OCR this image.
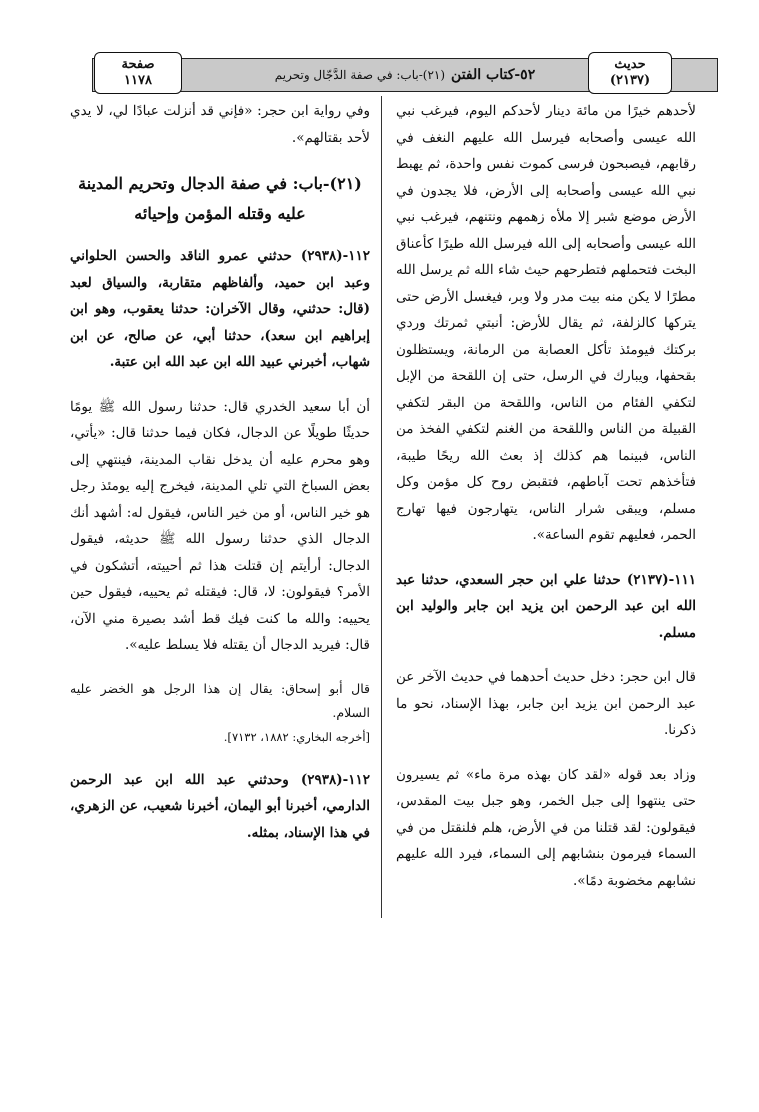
٥٢-كتاب الفتن
(٢١)-باب: في صفة الدَّجّال وتحريم
حديث
(٢١٣٧)
صفحة
١١٧٨

لأحدهم خيرًا من مائة دينار لأحدكم اليوم، فيرغب نبي الله عيسى وأصحابه فيرسل الله عليهم النغف في رقابهم، فيصبحون فرسى كموت نفس واحدة، ثم يهبط نبي الله عيسى وأصحابه إلى الأرض، فلا يجدون في الأرض موضع شبر إلا ملأه زهمهم ونتنهم، فيرغب نبي الله عيسى وأصحابه إلى الله فيرسل الله طيرًا كأعناق البخت فتحملهم فتطرحهم حيث شاء الله ثم يرسل الله مطرًا لا يكن منه بيت مدر ولا وبر، فيغسل الأرض حتى يتركها كالزلفة، ثم يقال للأرض: أنبتي ثمرتك وردي بركتك فيومئذ تأكل العصابة من الرمانة، ويستظلون بقحفها، ويبارك في الرسل، حتى إن اللقحة من الإبل لتكفي الفئام من الناس، واللقحة من البقر لتكفي القبيلة من الناس واللقحة من الغنم لتكفي الفخذ من الناس، فبينما هم كذلك إذ بعث الله ريحًا طيبة، فتأخذهم تحت آباطهم، فتقبض روح كل مؤمن وكل مسلم، ويبقى شرار الناس، يتهارجون فيها تهارج الحمر، فعليهم تقوم الساعة».

١١١-(٢١٣٧) حدثنا علي ابن حجر السعدي، حدثنا عبد الله ابن عبد الرحمن ابن يزيد ابن جابر والوليد ابن مسلم.

قال ابن حجر: دخل حديث أحدهما في حديث الآخر عن عبد الرحمن ابن يزيد ابن جابر، بهذا الإسناد، نحو ما ذكرنا.

وزاد بعد قوله «لقد كان بهذه مرة ماء» ثم يسيرون حتى ينتهوا إلى جبل الخمر، وهو جبل بيت المقدس، فيقولون: لقد قتلنا من في الأرض، هلم فلنقتل من في السماء فيرمون بنشابهم إلى السماء، فيرد الله عليهم نشابهم مخضوبة دمًا».

وفي رواية ابن حجر: «فإني قد أنزلت عبادًا لي، لا يدي لأحد بقتالهم».

(٢١)-باب: في صفة الدجال وتحريم المدينة
عليه وقتله المؤمن وإحيائه

١١٢-(٢٩٣٨) حدثني عمرو الناقد والحسن الحلواني وعبد ابن حميد، وألفاظهم متقاربة، والسياق لعبد (قال: حدثني، وقال الآخران: حدثنا يعقوب، وهو ابن إبراهيم ابن سعد)، حدثنا أبي، عن صالح، عن ابن شهاب، أخبرني عبيد الله ابن عبد الله ابن عتبة.

أن أبا سعيد الخدري قال: حدثنا رسول الله ﷺ يومًا حديثًا طويلًا عن الدجال، فكان فيما حدثنا قال: «يأتي، وهو محرم عليه أن يدخل نقاب المدينة، فينتهي إلى بعض السباخ التي تلي المدينة، فيخرج إليه يومئذ رجل هو خير الناس، أو من خير الناس، فيقول له: أشهد أنك الدجال الذي حدثنا رسول الله ﷺ حديثه، فيقول الدجال: أرأيتم إن قتلت هذا ثم أحييته، أتشكون في الأمر؟ فيقولون: لا، قال: فيقتله ثم يحييه، فيقول حين يحييه: والله ما كنت فيك قط أشد بصيرة مني الآن، قال: فيريد الدجال أن يقتله فلا يسلط عليه».

قال أبو إسحاق: يقال إن هذا الرجل هو الخضر عليه السلام.

[أخرجه البخاري: ١٨٨٢، ٧١٣٢].

١١٢-(٢٩٣٨) وحدثني عبد الله ابن عبد الرحمن الدارمي، أخبرنا أبو اليمان، أخبرنا شعيب، عن الزهري، في هذا الإسناد، بمثله.
